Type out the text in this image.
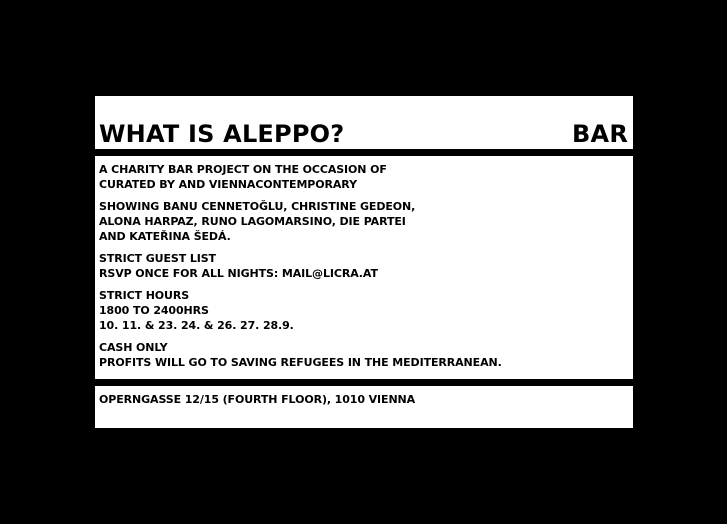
WHAT IS ALEPPO?	BAR
A CHARITY BAR PROJECT ON THE OCCASION OF
CURATED BY AND VIENNACONTEMPORARY
SHOWING BANU CENNETOĞLU, CHRISTINE GEDEON,
ALONA HARPAZ, RUNO LAGOMARSINO, DIE PARTEI
AND KATEŘINA ŠEDÁ.
STRICT GUEST LIST
RSVP ONCE FOR ALL NIGHTS: MAIL@LICRA.AT
STRICT HOURS
1800 TO 2400HRS
10. 11. & 23. 24. & 26. 27. 28.9.
CASH ONLY
PROFITS WILL GO TO SAVING REFUGEES IN THE MEDITERRANEAN.
OPERNGASSE 12/15 (FOURTH FLOOR), 1010 VIENNA
